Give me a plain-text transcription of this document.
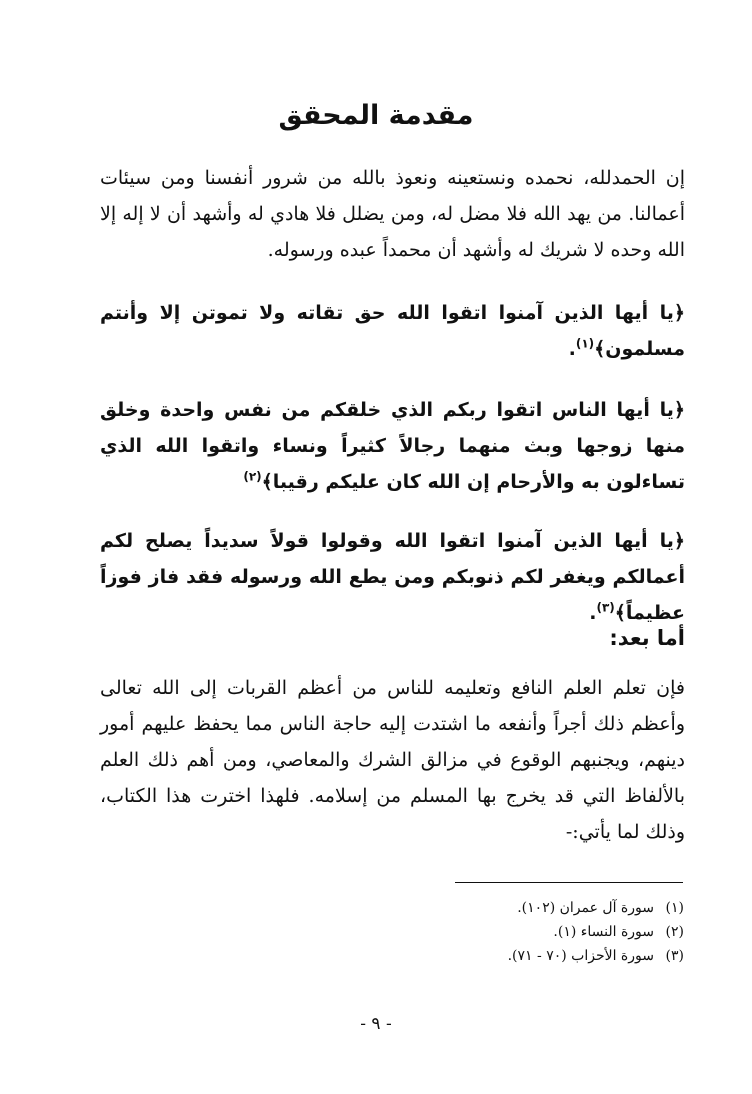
مقدمة المحقق
إن الحمدلله، نحمده ونستعينه ونعوذ بالله من شرور أنفسنا ومن سيئات أعمالنا. من يهد الله فلا مضل له، ومن يضلل فلا هادي له وأشهد أن لا إله إلا الله وحده لا شريك له وأشهد أن محمداً عبده ورسوله.
﴿يا أيها الذين آمنوا اتقوا الله حق تقاته ولا تموتن إلا وأنتم مسلمون﴾$^{(١)}$.
﴿يا أيها الناس اتقوا ربكم الذي خلقكم من نفس واحدة وخلق منها زوجها وبث منهما رجالاً كثيراً ونساء واتقوا الله الذي تساءلون به والأرحام إن الله كان عليكم رقيبا﴾$^{(٢)}$
﴿يا أيها الذين آمنوا اتقوا الله وقولوا قولاً سديداً يصلح لكم أعمالكم ويغفر لكم ذنوبكم ومن يطع الله ورسوله فقد فاز فوزاً عظيماً﴾$^{(٣)}$.
أما بعد:
فإن تعلم العلم النافع وتعليمه للناس من أعظم القربات إلى الله تعالى وأعظم ذلك أجراً وأنفعه ما اشتدت إليه حاجة الناس مما يحفظ عليهم أمور دينهم، ويجنبهم الوقوع في مزالق الشرك والمعاصي، ومن أهم ذلك العلم بالألفاظ التي قد يخرج بها المسلم من إسلامه. فلهذا اخترت هذا الكتاب، وذلك لما يأتي:-
(١)سورة آل عمران (١٠٢).
(٢)سورة النساء (١).
(٣)سورة الأحزاب (٧٠ - ٧١).
- ٩ -
